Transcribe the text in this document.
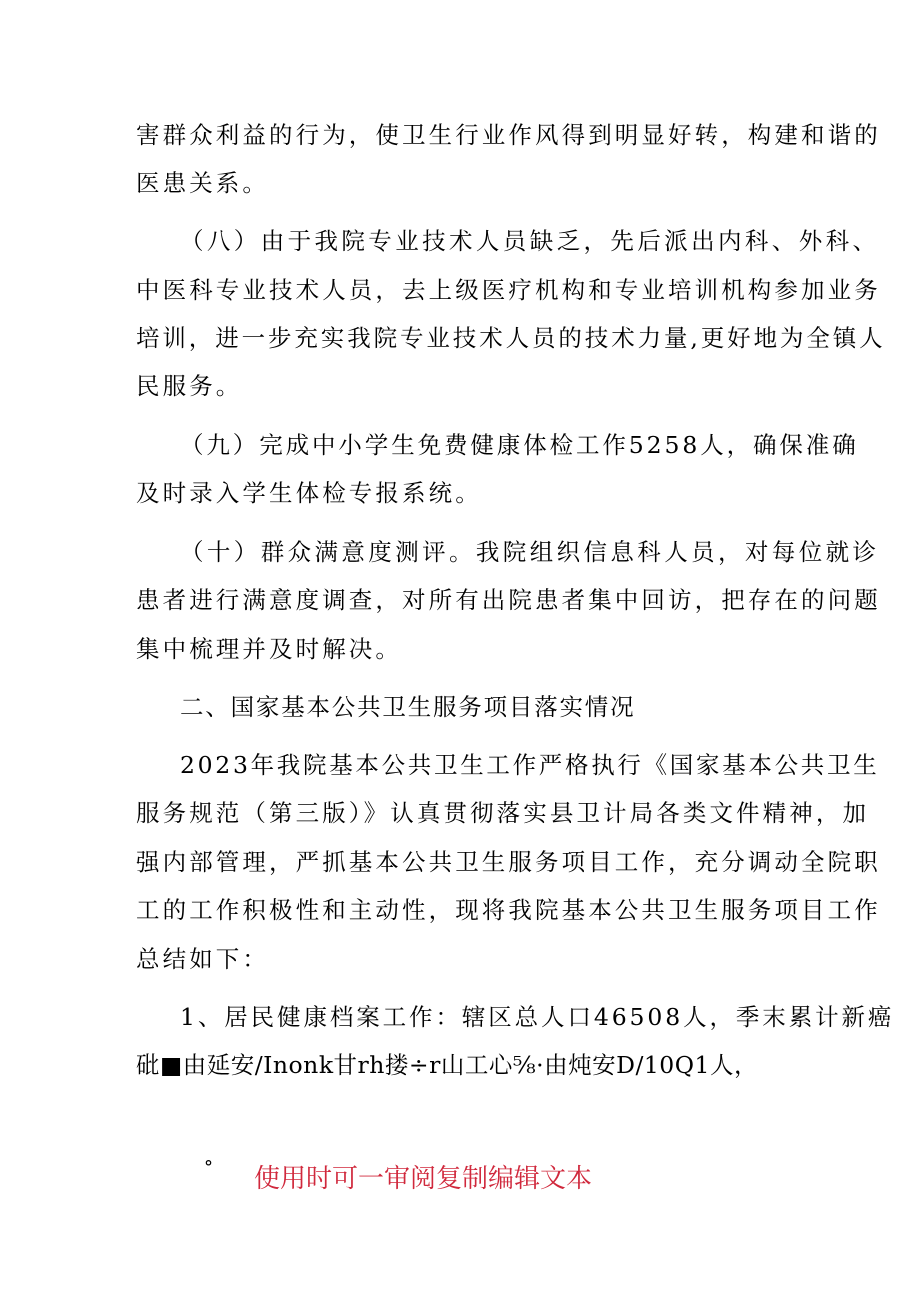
害群众利益的行为，使卫生行业作风得到明显好转，构建和谐的

医患关系。

（八）由于我院专业技术人员缺乏，先后派出内科、外科、

中医科专业技术人员，去上级医疗机构和专业培训机构参加业务

培训，进一步充实我院专业技术人员的技术力量,更好地为全镇人

民服务。

（九）完成中小学生免费健康体检工作5258人，确保准确

及时录入学生体检专报系统。

（十）群众满意度测评。我院组织信息科人员，对每位就诊

患者进行满意度调查，对所有出院患者集中回访，把存在的问题

集中梳理并及时解决。

二、国家基本公共卫生服务项目落实情况

2023年我院基本公共卫生工作严格执行《国家基本公共卫生

服务规范（第三版）》认真贯彻落实县卫计局各类文件精神，加

强内部管理，严抓基本公共卫生服务项目工作，充分调动全院职

工的工作积极性和主动性，现将我院基本公共卫生服务项目工作

总结如下：

1、居民健康档案工作：辖区总人口46508人，季末累计新癌

砒■由延安/Inonk甘rh搂÷r山工心⅝·由炖安D/10Q1人，

° 使用时可一审阅复制编辑文本
